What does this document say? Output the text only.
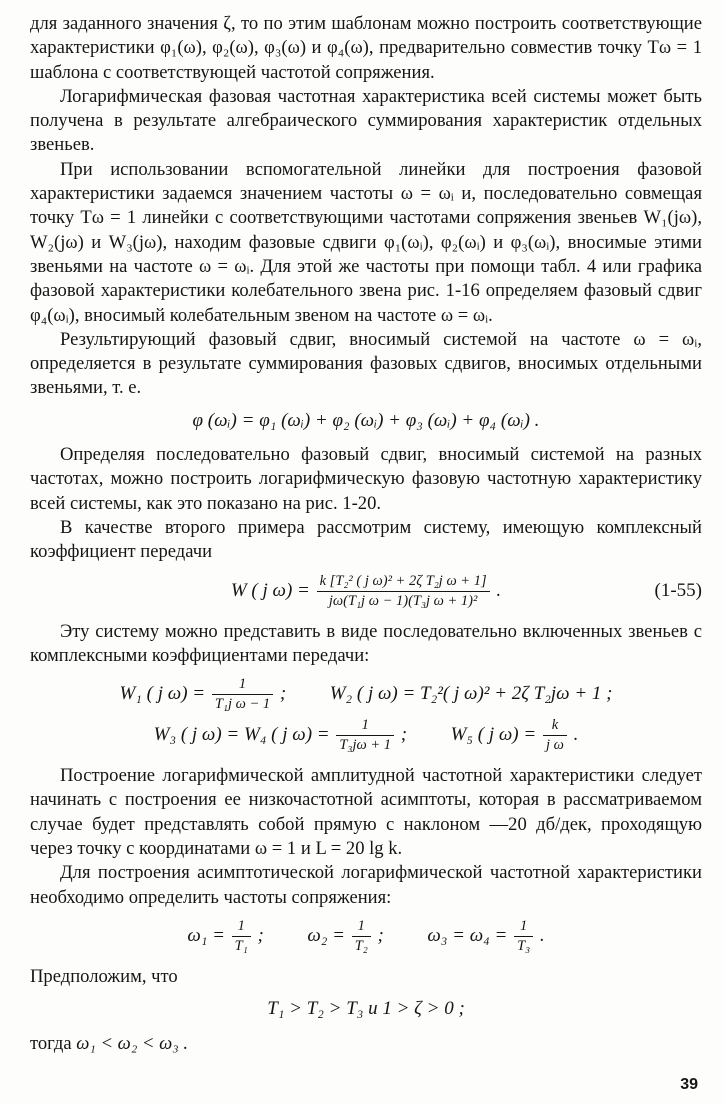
для заданного значения ζ, то по этим шаблонам можно построить соответствующие характеристики φ₁(ω), φ₂(ω), φ₃(ω) и φ₄(ω), предварительно совместив точку Tω = 1 шаблона с соответствующей частотой сопряжения.

Логарифмическая фазовая частотная характеристика всей системы может быть получена в результате алгебраического суммирования характеристик отдельных звеньев.

При использовании вспомогательной линейки для построения фазовой характеристики задаемся значением частоты ω = ωᵢ и, последовательно совмещая точку Tω = 1 линейки с соответствующими частотами сопряжения звеньев W₁(jω), W₂(jω) и W₃(jω), находим фазовые сдвиги φ₁(ωᵢ), φ₂(ωᵢ) и φ₃(ωᵢ), вносимые этими звеньями на частоте ω = ωᵢ. Для этой же частоты при помощи табл. 4 или графика фазовой характеристики колебательного звена рис. 1-16 определяем фазовый сдвиг φ₄(ωᵢ), вносимый колебательным звеном на частоте ω = ωᵢ.

Результирующий фазовый сдвиг, вносимый системой на частоте ω = ωᵢ, определяется в результате суммирования фазовых сдвигов, вносимых отдельными звеньями, т. е.

φ (ωᵢ) = φ₁ (ωᵢ) + φ₂ (ωᵢ) + φ₃ (ωᵢ) + φ₄ (ωᵢ) .

Определяя последовательно фазовый сдвиг, вносимый системой на разных частотах, можно построить логарифмическую фазовую частотную характеристику всей системы, как это показано на рис. 1-20.

В качестве второго примера рассмотрим систему, имеющую комплексный коэффициент передачи

W ( j $\omega) = \frac{\text{k [T₂² ( j ω)² + 2ζ T₂j ω + 1]}}{\text{jω(T₁j ω − 1)(T₃j ω + 1)²}}$ .	(1-55)

Эту систему можно представить в виде последовательно включенных звеньев с комплексными коэффициентами передачи:

W₁ ( j $\omega) = \frac{1}{\text{T₁j ω − 1}}$ ; W₂ ( j ω) = T₂²( j ω)² + 2ζ T₂jω + 1 ;
W₃ ( j ω) = W₄ ( j $\omega) = \frac{1}{\text{T₃jω + 1}}$ ; W₅ ( j $\omega) = \frac{k}{\text{j ω}}$ .

Построение логарифмической амплитудной частотной характеристики следует начинать с построения ее низкочастотной асимптоты, которая в рассматриваемом случае будет представлять собой прямую с наклоном —20 дб/дек, проходящую через точку с координатами ω = 1 и L = 20 lg k.

Для построения асимптотической логарифмической частотной характеристики необходимо определить частоты сопряжения:

$\omega_1 = \frac{1}{\text{T₁}}$ ; $\omega_2 = \frac{1}{\text{T₂}}$ ; $\omega_3 = \omega_4 = \frac{1}{\text{T₃}}$ .

Предположим, что

T₁ > T₂ > T₃ и 1 > ζ > 0 ;

тогда ω₁ < ω₂ < ω₃ .

39
